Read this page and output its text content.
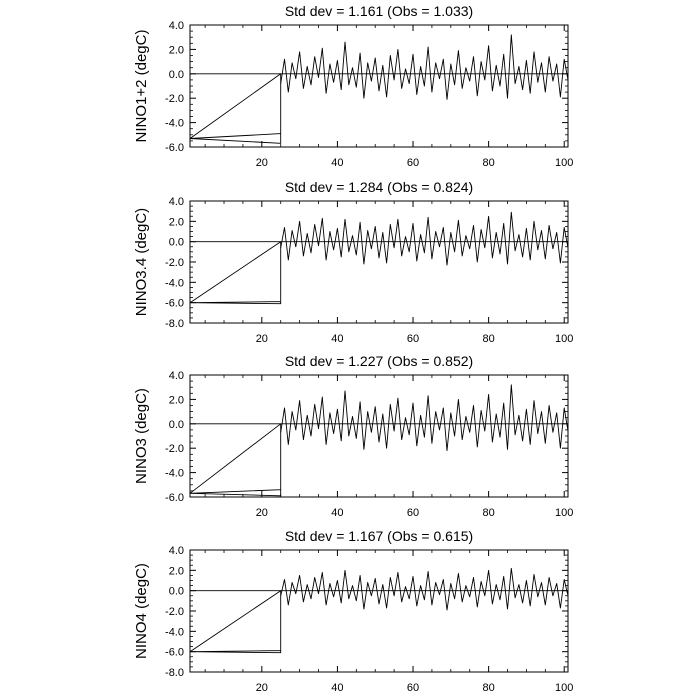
Std dev = 1.161 (Obs = 1.033)
NINO1+2 (degC)
4.0
2.0
0.0
-2.0
-4.0
-6.0
20	40	60	80	100
Std dev = 1.284 (Obs = 0.824)
NINO3.4 (degC)
4.0
2.0
0.0
-2.0
-4.0
-6.0
-8.0
20	40	60	80	100
Std dev = 1.227 (Obs = 0.852)
NINO3 (degC)
4.0
2.0
0.0
-2.0
-4.0
-6.0
20	40	60	80	100
Std dev = 1.167 (Obs = 0.615)
NINO4 (degC)
4.0
2.0
0.0
-2.0
-4.0
-6.0
-8.0
20	40	60	80	100
